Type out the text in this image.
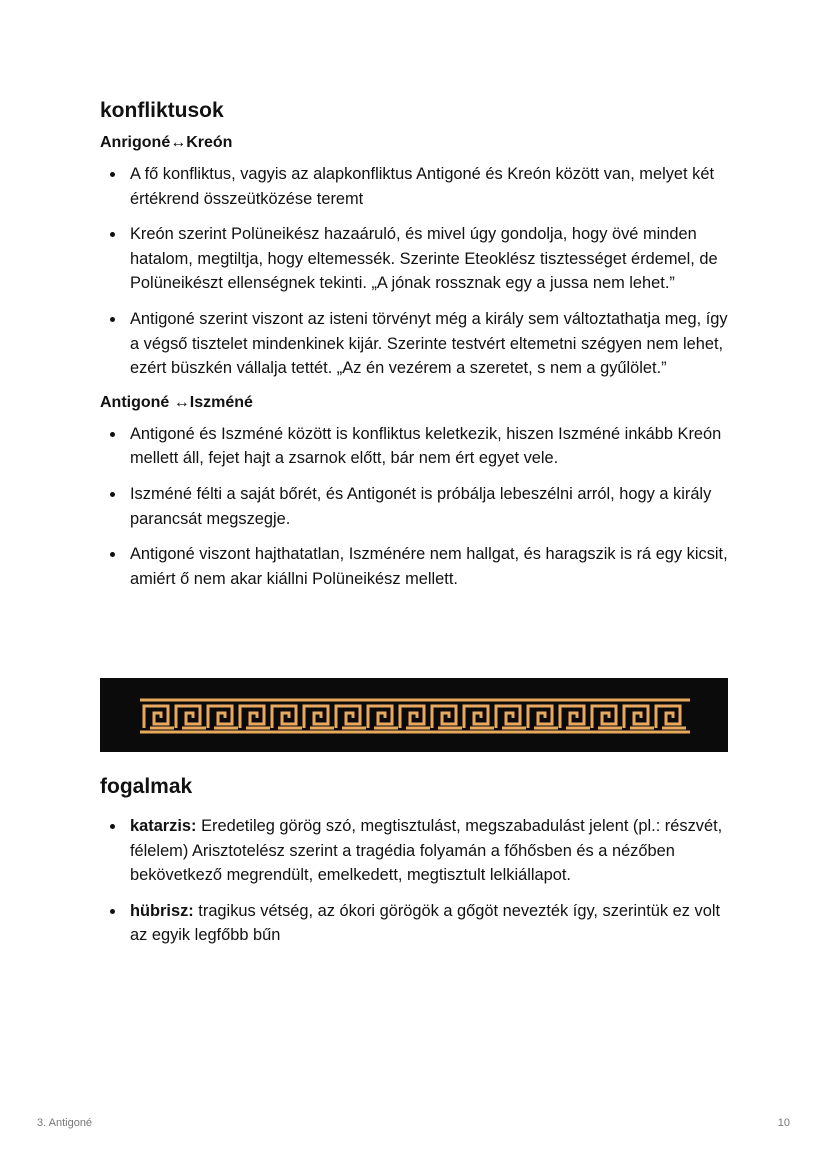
konfliktusok
Anrigoné↔Kreón
A fő konfliktus, vagyis az alapkonfliktus Antigoné és Kreón között van, melyet két értékrend összeütközése teremt
Kreón szerint Polüneikész hazaáruló, és mivel úgy gondolja, hogy övé minden hatalom, megtiltja, hogy eltemessék. Szerinte Eteoklész tisztességet érdemel, de Polüneikészt ellenségnek tekinti. „A jónak rossznak egy a jussa nem lehet.”
Antigoné szerint viszont az isteni törvényt még a király sem változtathatja meg, így a végső tisztelet mindenkinek kijár. Szerinte testvért eltemetni szégyen nem lehet, ezért büszkén vállalja tettét. „Az én vezérem a szeretet, s nem a gyűlölet.”
Antigoné ↔Iszméné
Antigoné és Iszméné között is konfliktus keletkezik, hiszen Iszméné inkább Kreón mellett áll, fejet hajt a zsarnok előtt, bár nem ért egyet vele.
Iszméné félti a saját bőrét, és Antigonét is próbálja lebeszélni arról, hogy a király parancsát megszegje.
Antigoné viszont hajthatatlan, Iszménére nem hallgat, és haragszik is rá egy kicsit, amiért ő nem akar kiállni Polüneikész mellett.
fogalmak
katarzis: Eredetileg görög szó, megtisztulást, megszabadulást jelent (pl.: részvét, félelem) Arisztotelész szerint a tragédia folyamán a főhősben és a nézőben bekövetkező megrendült, emelkedett, megtisztult lelkiállapot.
hübrisz: tragikus vétség, az ókori görögök a gőgöt nevezték így, szerintük ez volt az egyik legfőbb bűn
3. Antigoné	10
